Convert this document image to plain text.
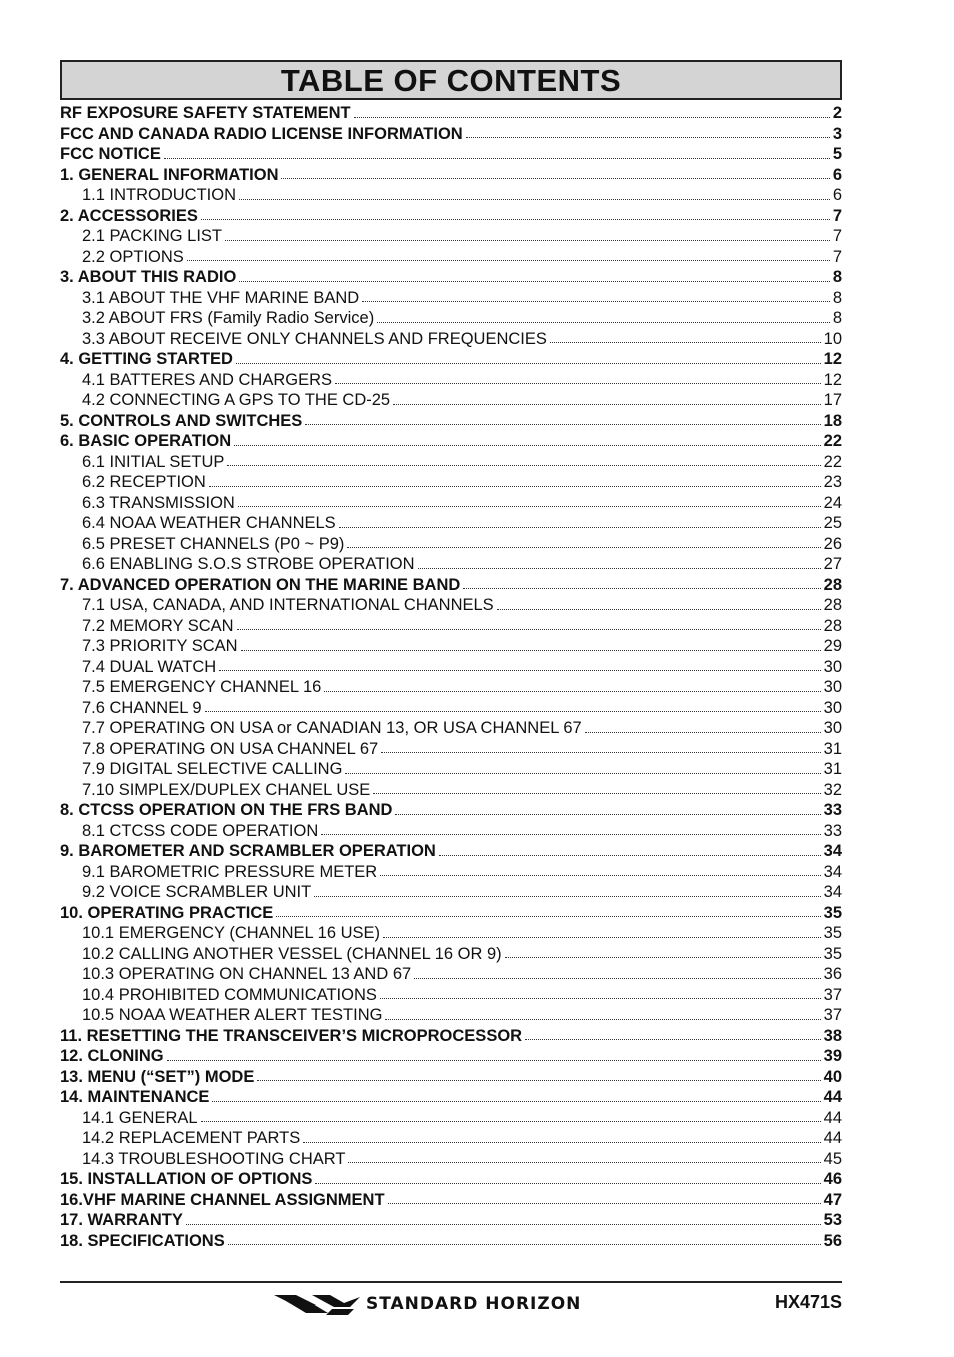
TABLE OF CONTENTS
RF EXPOSURE SAFETY STATEMENT	2
FCC AND CANADA RADIO LICENSE INFORMATION	3
FCC NOTICE	5
1. GENERAL INFORMATION	6
1.1 INTRODUCTION	6
2. ACCESSORIES	7
2.1 PACKING LIST	7
2.2 OPTIONS	7
3. ABOUT THIS RADIO	8
3.1 ABOUT THE VHF MARINE BAND	8
3.2 ABOUT FRS (Family Radio Service)	8
3.3 ABOUT RECEIVE ONLY CHANNELS AND FREQUENCIES	10
4. GETTING STARTED	12
4.1 BATTERES AND CHARGERS	12
4.2 CONNECTING A GPS TO THE CD-25	17
5. CONTROLS AND SWITCHES	18
6. BASIC OPERATION	22
6.1 INITIAL SETUP	22
6.2 RECEPTION	23
6.3 TRANSMISSION	24
6.4 NOAA WEATHER CHANNELS	25
6.5 PRESET CHANNELS (P0 ~ P9)	26
6.6 ENABLING S.O.S STROBE OPERATION	27
7. ADVANCED OPERATION ON THE MARINE BAND	28
7.1 USA, CANADA, AND INTERNATIONAL CHANNELS	28
7.2 MEMORY SCAN	28
7.3 PRIORITY SCAN	29
7.4 DUAL WATCH	30
7.5 EMERGENCY CHANNEL 16	30
7.6 CHANNEL 9	30
7.7 OPERATING ON USA or CANADIAN 13, OR USA CHANNEL 67	30
7.8 OPERATING ON USA CHANNEL 67	31
7.9 DIGITAL SELECTIVE CALLING	31
7.10 SIMPLEX/DUPLEX CHANEL USE	32
8. CTCSS OPERATION ON THE FRS BAND	33
8.1 CTCSS CODE OPERATION	33
9. BAROMETER AND SCRAMBLER OPERATION	34
9.1 BAROMETRIC PRESSURE METER	34
9.2 VOICE SCRAMBLER UNIT	34
10. OPERATING PRACTICE	35
10.1 EMERGENCY (CHANNEL 16 USE)	35
10.2 CALLING ANOTHER VESSEL (CHANNEL 16 OR 9)	35
10.3 OPERATING ON CHANNEL 13 AND 67	36
10.4 PROHIBITED COMMUNICATIONS	37
10.5 NOAA WEATHER ALERT TESTING	37
11. RESETTING THE TRANSCEIVER’S MICROPROCESSOR	38
12. CLONING	39
13. MENU (“SET”) MODE	40
14. MAINTENANCE	44
14.1 GENERAL	44
14.2 REPLACEMENT PARTS	44
14.3 TROUBLESHOOTING CHART	45
15. INSTALLATION OF OPTIONS	46
16.VHF MARINE CHANNEL ASSIGNMENT	47
17. WARRANTY	53
18. SPECIFICATIONS	56
STANDARD HORIZON	HX471S
